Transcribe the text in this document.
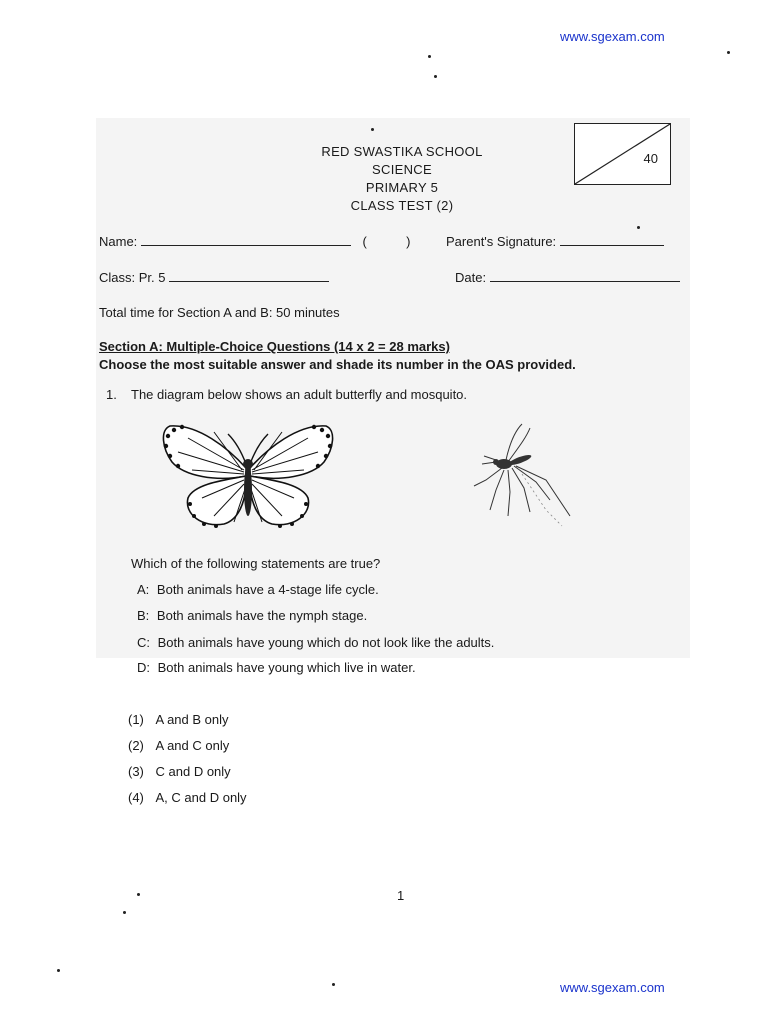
www.sgexam.com
www.sgexam.com
RED SWASTIKA SCHOOL
SCIENCE
PRIMARY 5
CLASS TEST (2)
40
Name:	(	)	Parent's Signature:
Class: Pr. 5	Date:
Total time for Section A and B: 50 minutes
Section A: Multiple-Choice Questions (14 x 2 = 28 marks)
Choose the most suitable answer and shade its number in the OAS provided.
1. The diagram below shows an adult butterfly and mosquito.
Which of the following statements are true?
A: Both animals have a 4-stage life cycle.
B: Both animals have the nymph stage.
C: Both animals have young which do not look like the adults.
D: Both animals have young which live in water.
(1) A and B only
(2) A and C only
(3) C and D only
(4) A, C and D only
1
